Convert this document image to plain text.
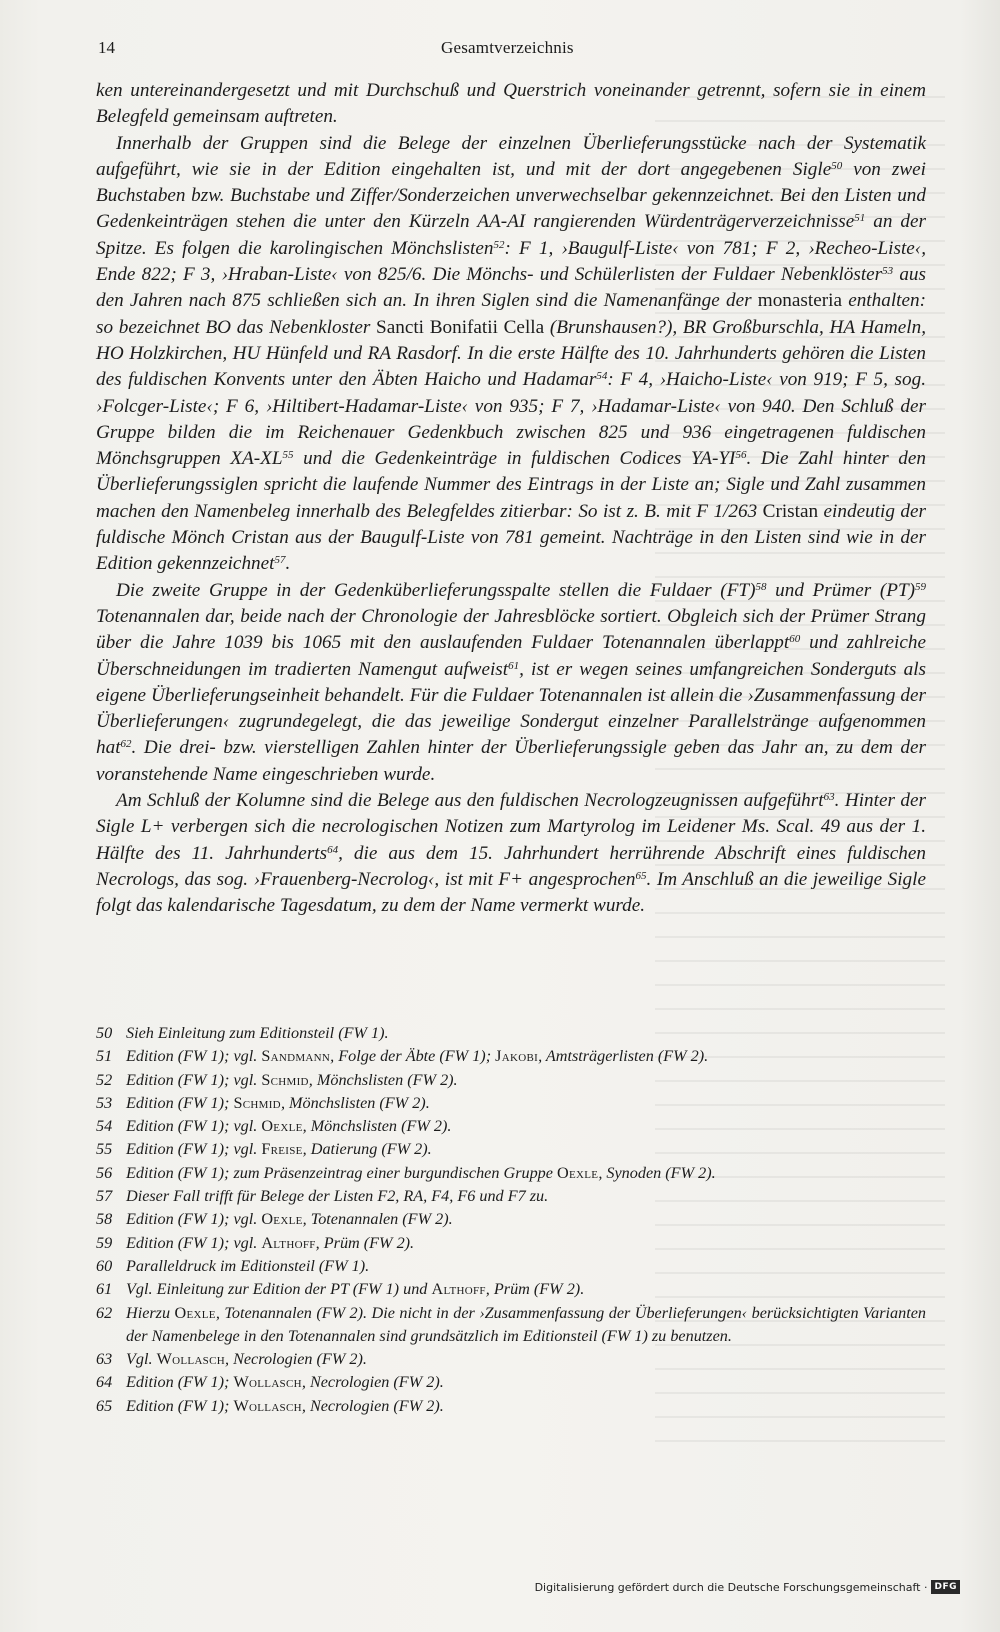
14	Gesamtverzeichnis

ken untereinandergesetzt und mit Durchschuß und Querstrich voneinander getrennt, sofern sie in einem Belegfeld gemeinsam auftreten.

Innerhalb der Gruppen sind die Belege der einzelnen Überlieferungsstücke nach der Systematik aufgeführt, wie sie in der Edition eingehalten ist, und mit der dort angegebenen Sigle$^{50}$ von zwei Buchstaben bzw. Buchstabe und Ziffer/Sonderzeichen unverwechselbar gekennzeichnet. Bei den Listen und Gedenkeinträgen stehen die unter den Kürzeln AA-AI rangierenden Würdenträgerverzeichnisse$^{51}$ an der Spitze. Es folgen die karolingischen Mönchslisten$^{52}$: F 1, ›Baugulf-Liste‹ von 781; F 2, ›Recheo-Liste‹, Ende 822; F 3, ›Hraban-Liste‹ von 825/6. Die Mönchs- und Schülerlisten der Fuldaer Nebenklöster$^{53}$ aus den Jahren nach 875 schließen sich an. In ihren Siglen sind die Namenanfänge der monasteria enthalten: so bezeichnet BO das Nebenkloster Sancti Bonifatii Cella (Brunshausen?), BR Großburschla, HA Hameln, HO Holzkirchen, HU Hünfeld und RA Rasdorf. In die erste Hälfte des 10. Jahrhunderts gehören die Listen des fuldischen Konvents unter den Äbten Haicho und Hadamar$^{54}$: F 4, ›Haicho-Liste‹ von 919; F 5, sog. ›Folcger-Liste‹; F 6, ›Hiltibert-Hadamar-Liste‹ von 935; F 7, ›Hadamar-Liste‹ von 940. Den Schluß der Gruppe bilden die im Reichenauer Gedenkbuch zwischen 825 und 936 eingetragenen fuldischen Mönchsgruppen XA-XL$^{55}$ und die Gedenkeinträge in fuldischen Codices YA-YI$^{56}$. Die Zahl hinter den Überlieferungssiglen spricht die laufende Nummer des Eintrags in der Liste an; Sigle und Zahl zusammen machen den Namenbeleg innerhalb des Belegfeldes zitierbar: So ist z. B. mit F 1/263 Cristan eindeutig der fuldische Mönch Cristan aus der Baugulf-Liste von 781 gemeint. Nachträge in den Listen sind wie in der Edition gekennzeichnet$^{57}$.

Die zweite Gruppe in der Gedenküberlieferungsspalte stellen die Fuldaer (FT)$^{58}$ und Prümer (PT)$^{59}$ Totenannalen dar, beide nach der Chronologie der Jahresblöcke sortiert. Obgleich sich der Prümer Strang über die Jahre 1039 bis 1065 mit den auslaufenden Fuldaer Totenannalen überlappt$^{60}$ und zahlreiche Überschneidungen im tradierten Namengut aufweist$^{61}$, ist er wegen seines umfangreichen Sonderguts als eigene Überlieferungseinheit behandelt. Für die Fuldaer Totenannalen ist allein die ›Zusammenfassung der Überlieferungen‹ zugrundegelegt, die das jeweilige Sondergut einzelner Parallelstränge aufgenommen hat$^{62}$. Die drei- bzw. vierstelligen Zahlen hinter der Überlieferungssigle geben das Jahr an, zu dem der voranstehende Name eingeschrieben wurde.

Am Schluß der Kolumne sind die Belege aus den fuldischen Necrologzeugnissen aufgeführt$^{63}$. Hinter der Sigle L+ verbergen sich die necrologischen Notizen zum Martyrolog im Leidener Ms. Scal. 49 aus der 1. Hälfte des 11. Jahrhunderts$^{64}$, die aus dem 15. Jahrhundert herrührende Abschrift eines fuldischen Necrologs, das sog. ›Frauenberg-Necrolog‹, ist mit F+ angesprochen$^{65}$. Im Anschluß an die jeweilige Sigle folgt das kalendarische Tagesdatum, zu dem der Name vermerkt wurde.

50 Sieh Einleitung zum Editionsteil (FW 1).
51 Edition (FW 1); vgl. Sandmann, Folge der Äbte (FW 1); Jakobi, Amtsträgerlisten (FW 2).
52 Edition (FW 1); vgl. Schmid, Mönchslisten (FW 2).
53 Edition (FW 1); Schmid, Mönchslisten (FW 2).
54 Edition (FW 1); vgl. Oexle, Mönchslisten (FW 2).
55 Edition (FW 1); vgl. Freise, Datierung (FW 2).
56 Edition (FW 1); zum Präsenzeintrag einer burgundischen Gruppe Oexle, Synoden (FW 2).
57 Dieser Fall trifft für Belege der Listen F2, RA, F4, F6 und F7 zu.
58 Edition (FW 1); vgl. Oexle, Totenannalen (FW 2).
59 Edition (FW 1); vgl. Althoff, Prüm (FW 2).
60 Paralleldruck im Editionsteil (FW 1).
61 Vgl. Einleitung zur Edition der PT (FW 1) und Althoff, Prüm (FW 2).
62 Hierzu Oexle, Totenannalen (FW 2). Die nicht in der ›Zusammenfassung der Überlieferungen‹ berücksichtigten Varianten der Namenbelege in den Totenannalen sind grundsätzlich im Editionsteil (FW 1) zu benutzen.
63 Vgl. Wollasch, Necrologien (FW 2).
64 Edition (FW 1); Wollasch, Necrologien (FW 2).
65 Edition (FW 1); Wollasch, Necrologien (FW 2).
Digitalisierung gefördert durch die Deutsche Forschungsgemeinschaft · DFG
